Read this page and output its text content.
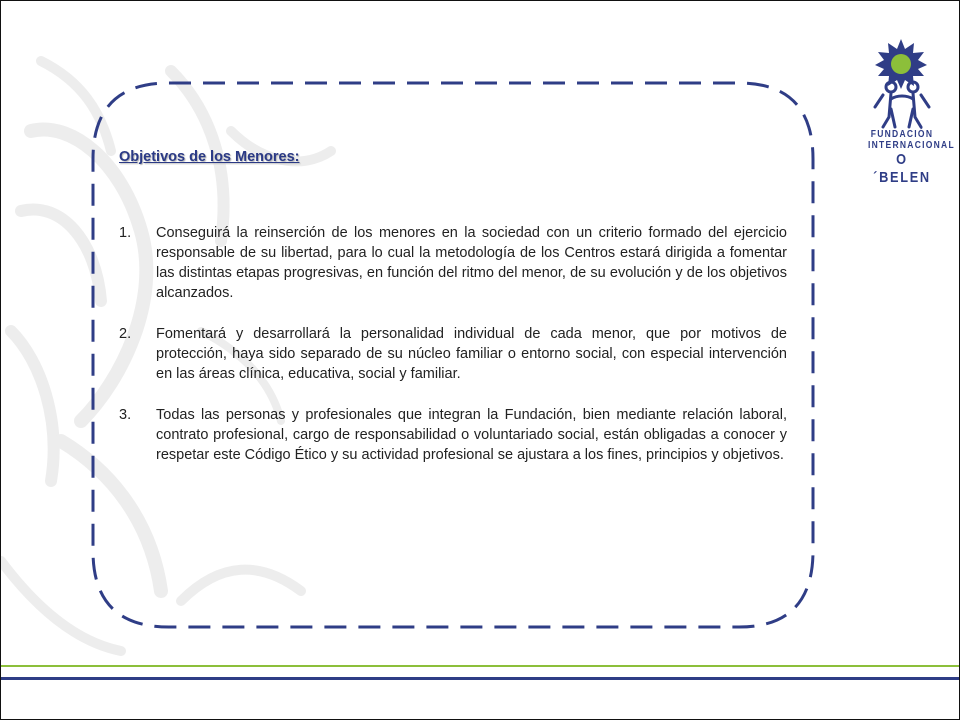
FUNDACIÓN
INTERNACIONAL
O´BELEN
Objetivos de los Menores:
1.	Conseguirá la reinserción de los menores en la sociedad con un criterio formado del ejercicio responsable de su libertad, para lo cual la metodología de los Centros estará dirigida a fomentar las distintas etapas progresivas, en función del ritmo del menor, de su evolución y de los objetivos alcanzados.
2.	Fomentará y desarrollará la personalidad individual de cada menor, que por motivos de protección, haya sido separado de su núcleo familiar o entorno social, con especial intervención en las áreas clínica, educativa, social y familiar.
3.	Todas las personas y profesionales que integran la Fundación, bien mediante relación laboral, contrato profesional, cargo de responsabilidad o voluntariado social, están obligadas a conocer y respetar este Código Ético y su actividad profesional se ajustara a los fines, principios y objetivos.
